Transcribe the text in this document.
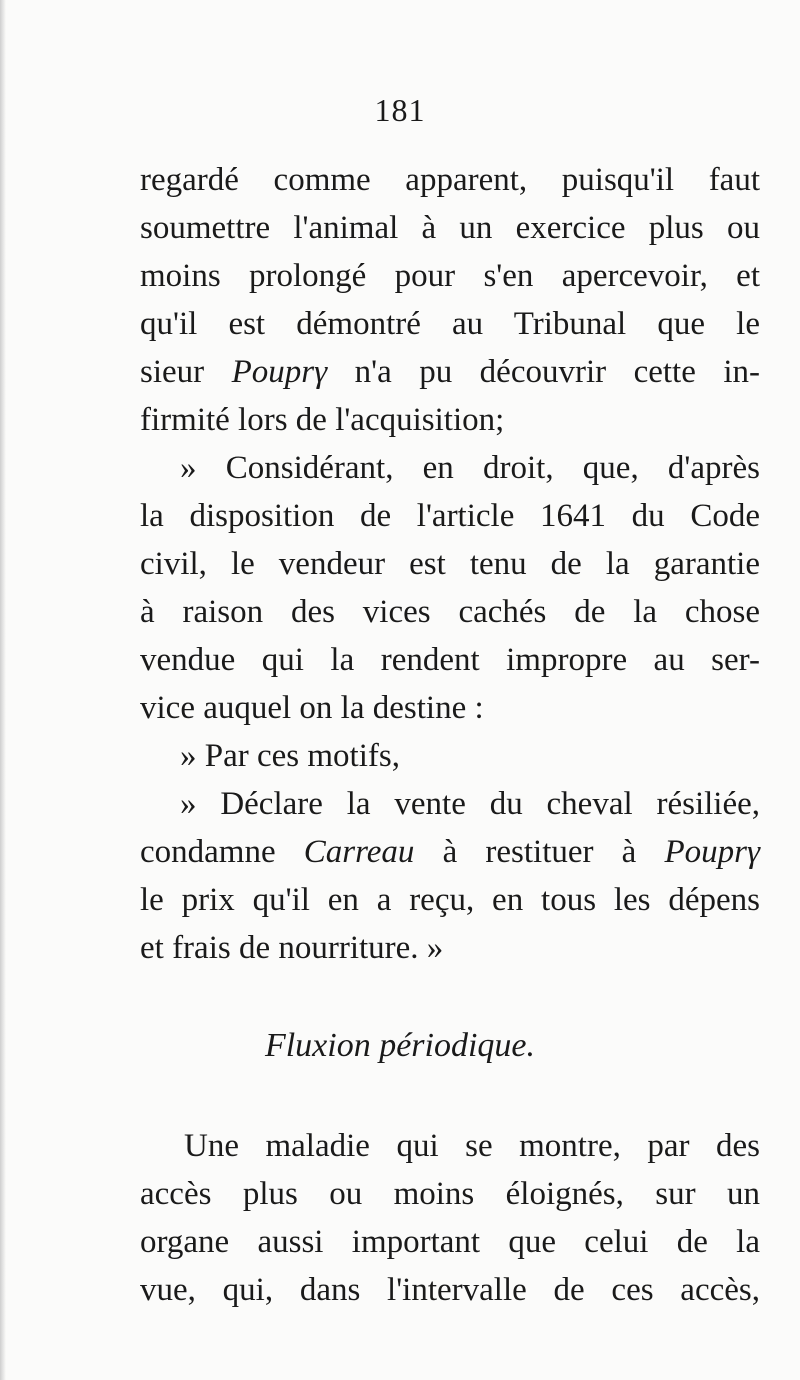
181
regardé comme apparent, puisqu'il faut
soumettre l'animal à un exercice plus ou
moins prolongé pour s'en apercevoir, et
qu'il est démontré au Tribunal que le
sieur Pouprγ n'a pu découvrir cette in-
firmité lors de l'acquisition;
» Considérant, en droit, que, d'après
la disposition de l'article 1641 du Code
civil, le vendeur est tenu de la garantie
à raison des vices cachés de la chose
vendue qui la rendent impropre au ser-
vice auquel on la destine :
» Par ces motifs,
» Déclare la vente du cheval résiliée,
condamne Carreau à restituer à Pouprγ
le prix qu'il en a reçu, en tous les dépens
et frais de nourriture. »
Fluxion périodique.
Une maladie qui se montre, par des
accès plus ou moins éloignés, sur un
organe aussi important que celui de la
vue, qui, dans l'intervalle de ces accès,
